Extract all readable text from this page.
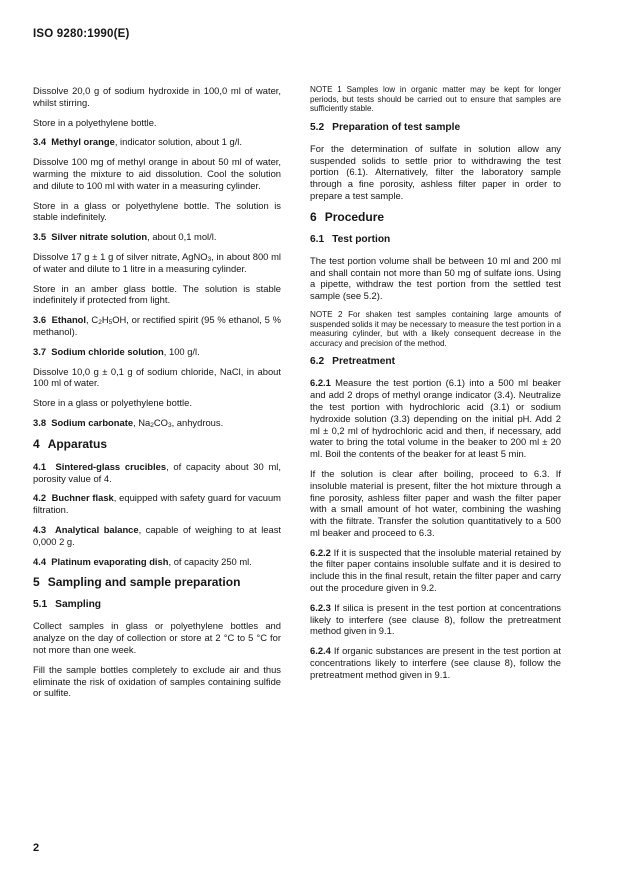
ISO 9280:1990(E)

Dissolve 20,0 g of sodium hydroxide in 100,0 ml of water, whilst stirring.

Store in a polyethylene bottle.

3.4 Methyl orange, indicator solution, about 1 g/l.

Dissolve 100 mg of methyl orange in about 50 ml of water, warming the mixture to aid dissolution. Cool the solution and dilute to 100 ml with water in a measuring cylinder.

Store in a glass or polyethylene bottle. The solution is stable indefinitely.

3.5 Silver nitrate solution, about 0,1 mol/l.

Dissolve 17 g ± 1 g of silver nitrate, AgNO$_3$, in about 800 ml of water and dilute to 1 litre in a measuring cylinder.

Store in an amber glass bottle. The solution is stable indefinitely if protected from light.

3.6 Ethanol, $C_2H_5OH$, or rectified spirit (95 % ethanol, 5 % methanol).

3.7 Sodium chloride solution, 100 g/l.

Dissolve 10,0 g ± 0,1 g of sodium chloride, NaCl, in about 100 ml of water.

Store in a glass or polyethylene bottle.

3.8 Sodium carbonate, $Na_2CO_3$, anhydrous.

4 Apparatus

4.1 Sintered-glass crucibles, of capacity about 30 ml, porosity value of 4.

4.2 Buchner flask, equipped with safety guard for vacuum filtration.

4.3 Analytical balance, capable of weighing to at least 0,000 2 g.

4.4 Platinum evaporating dish, of capacity 250 ml.

5 Sampling and sample preparation
5.1 Sampling

Collect samples in glass or polyethylene bottles and analyze on the day of collection or store at 2 °C to 5 °C for not more than one week.

Fill the sample bottles completely to exclude air and thus eliminate the risk of oxidation of samples containing sulfide or sulfite.

NOTE 1 Samples low in organic matter may be kept for longer periods, but tests should be carried out to ensure that samples are sufficiently stable.

5.2 Preparation of test sample

For the determination of sulfate in solution allow any suspended solids to settle prior to withdrawing the test portion (6.1). Alternatively, filter the laboratory sample through a fine porosity, ashless filter paper in order to prepare a test sample.

6 Procedure
6.1 Test portion

The test portion volume shall be between 10 ml and 200 ml and shall contain not more than 50 mg of sulfate ions. Using a pipette, withdraw the test portion from the settled test sample (see 5.2).

NOTE 2 For shaken test samples containing large amounts of suspended solids it may be necessary to measure the test portion in a measuring cylinder, but with a likely consequent decrease in the accuracy and precision of the method.

6.2 Pretreatment

6.2.1 Measure the test portion (6.1) into a 500 ml beaker and add 2 drops of methyl orange indicator (3.4). Neutralize the test portion with hydrochloric acid (3.1) or sodium hydroxide solution (3.3) depending on the initial pH. Add 2 ml ± 0,2 ml of hydrochloric acid and then, if necessary, add water to bring the total volume in the beaker to 200 ml ± 20 ml. Boil the contents of the beaker for at least 5 min.

If the solution is clear after boiling, proceed to 6.3. If insoluble material is present, filter the hot mixture through a fine porosity, ashless filter paper and wash the filter paper with a small amount of hot water, combining the washing with the filtrate. Transfer the solution quantitatively to a 500 ml beaker and proceed to 6.3.

6.2.2 If it is suspected that the insoluble material retained by the filter paper contains insoluble sulfate and it is desired to include this in the final result, retain the filter paper and carry out the procedure given in 9.2.

6.2.3 If silica is present in the test portion at concentrations likely to interfere (see clause 8), follow the pretreatment method given in 9.1.

6.2.4 If organic substances are present in the test portion at concentrations likely to interfere (see clause 8), follow the pretreatment method given in 9.1.

2
